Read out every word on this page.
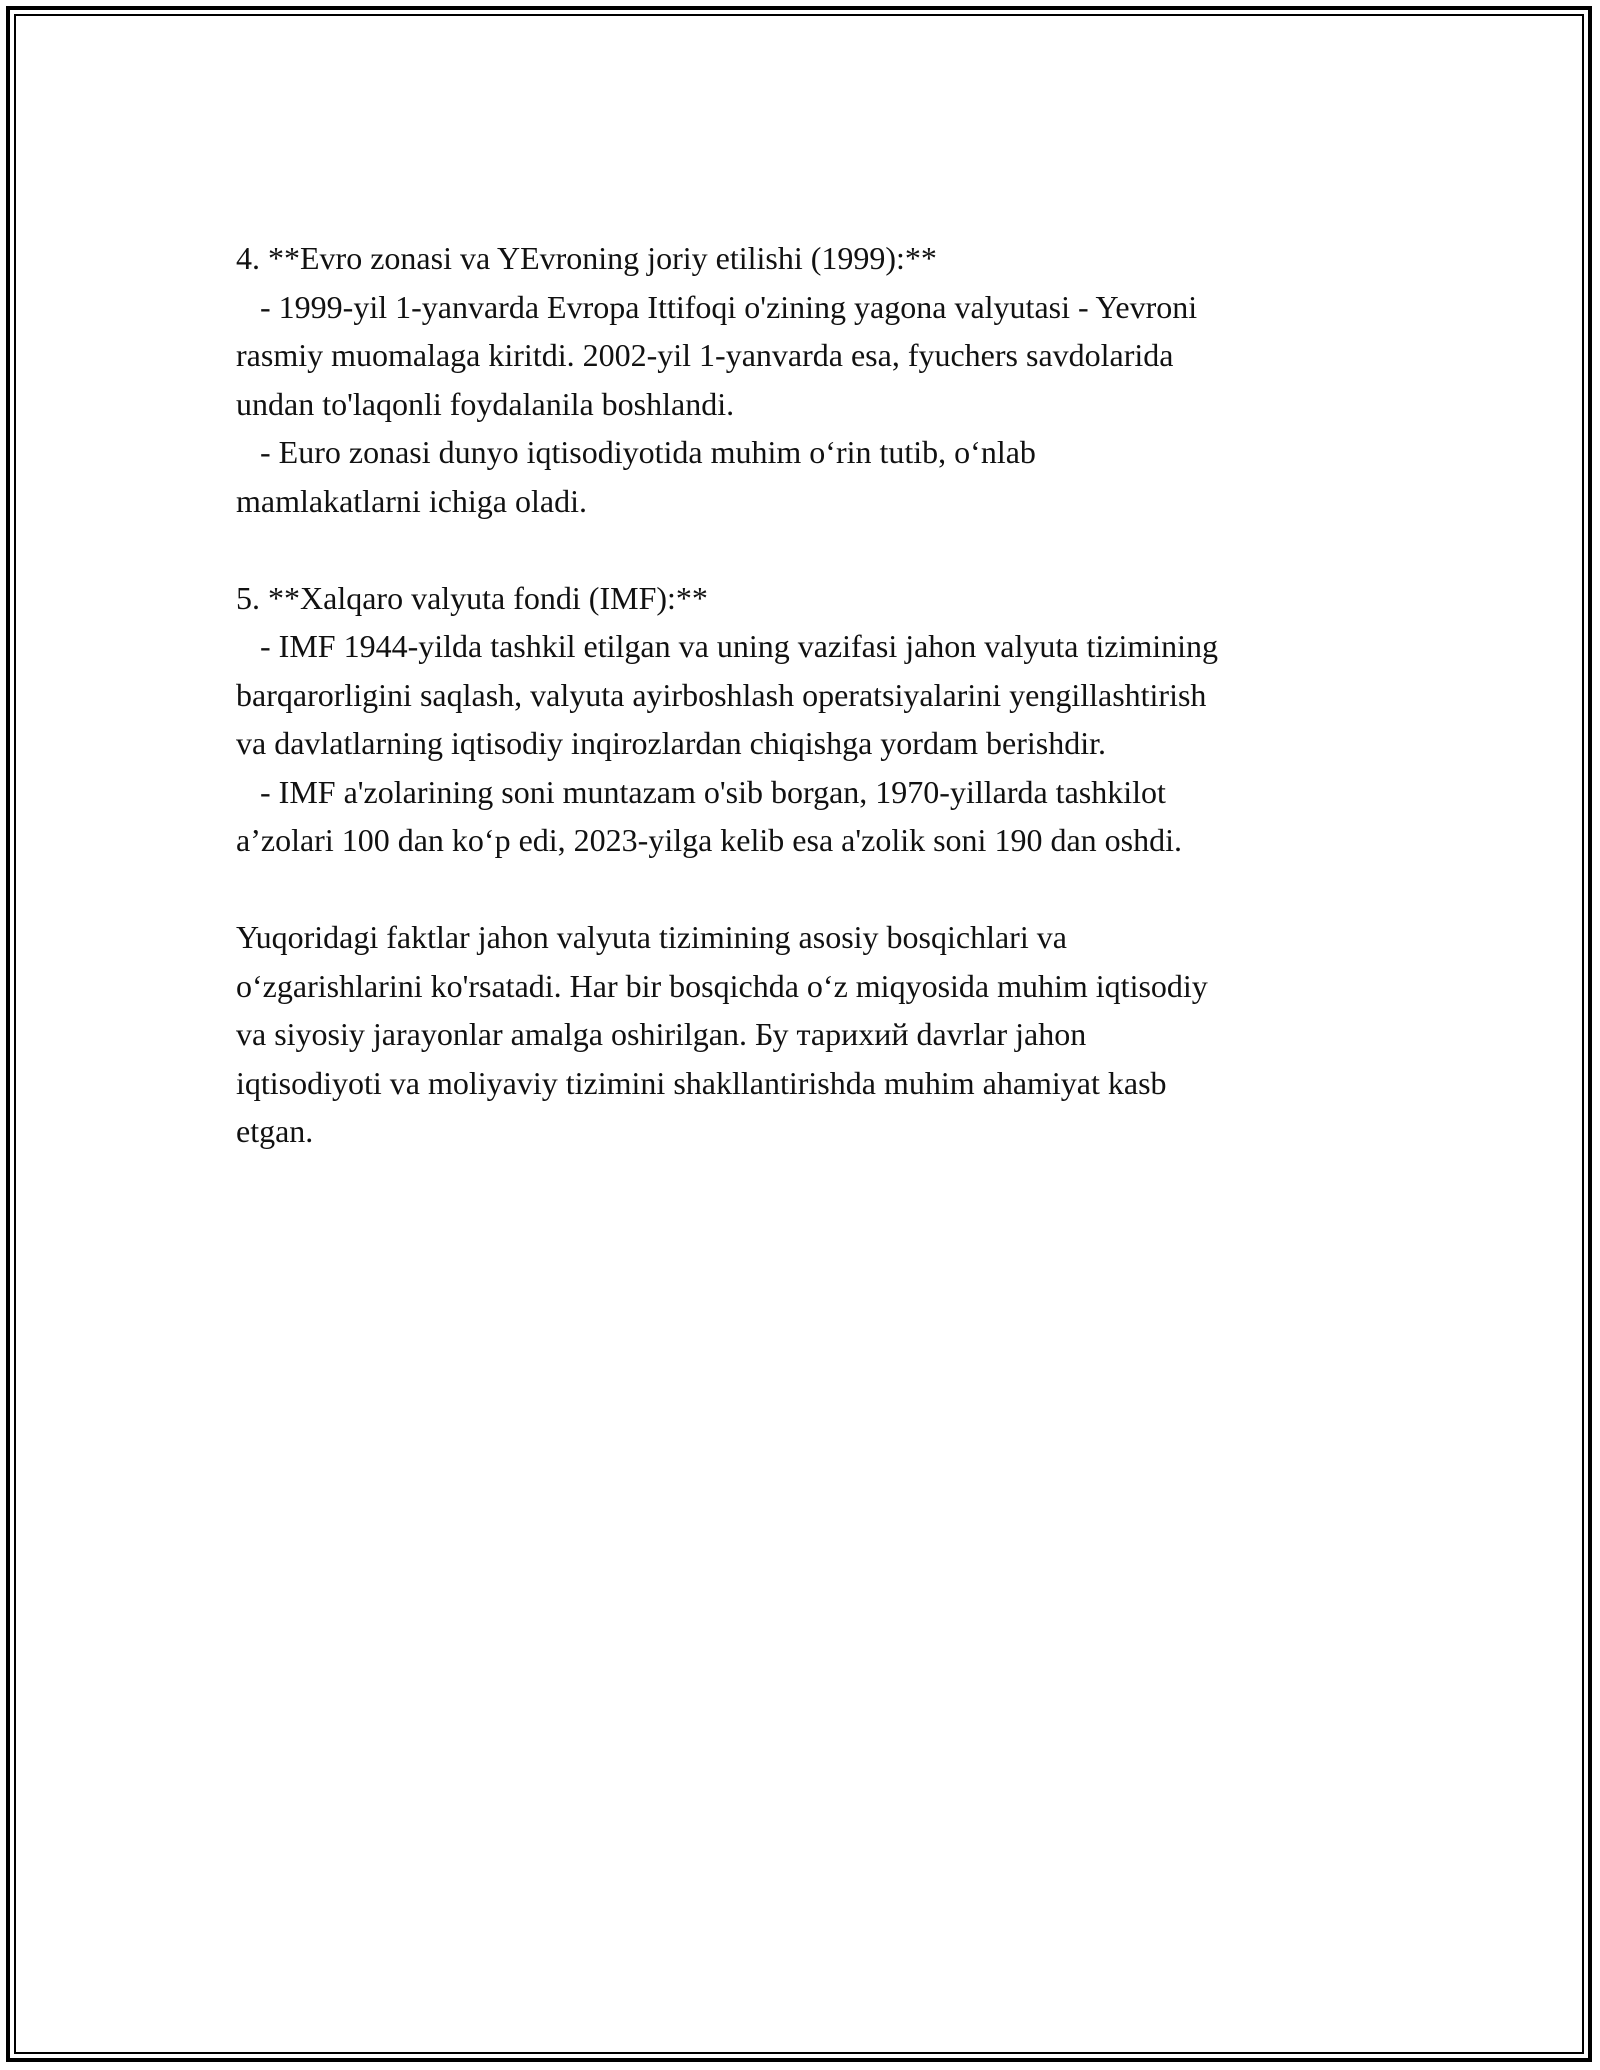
4. **Evro zonasi va YEvroning joriy etilishi (1999):**
- 1999-yil 1-yanvarda Evropa Ittifoqi o'zining yagona valyutasi - Yevroni
rasmiy muomalaga kiritdi. 2002-yil 1-yanvarda esa, fyuchers savdolarida
undan to'laqonli foydalanila boshlandi.
- Euro zonasi dunyo iqtisodiyotida muhim oʻrin tutib, oʻnlab
mamlakatlarni ichiga oladi.
5. **Xalqaro valyuta fondi (IMF):**
- IMF 1944-yilda tashkil etilgan va uning vazifasi jahon valyuta tizimining
barqarorligini saqlash, valyuta ayirboshlash operatsiyalarini yengillashtirish
va davlatlarning iqtisodiy inqirozlardan chiqishga yordam berishdir.
- IMF a'zolarining soni muntazam o'sib borgan, 1970-yillarda tashkilot
a’zolari 100 dan koʻp edi, 2023-yilga kelib esa a'zolik soni 190 dan oshdi.
Yuqoridagi faktlar jahon valyuta tizimining asosiy bosqichlari va
oʻzgarishlarini ko'rsatadi. Har bir bosqichda oʻz miqyosida muhim iqtisodiy
va siyosiy jarayonlar amalga oshirilgan. Бу тарихий davrlar jahon
iqtisodiyoti va moliyaviy tizimini shakllantirishda muhim ahamiyat kasb
etgan.
